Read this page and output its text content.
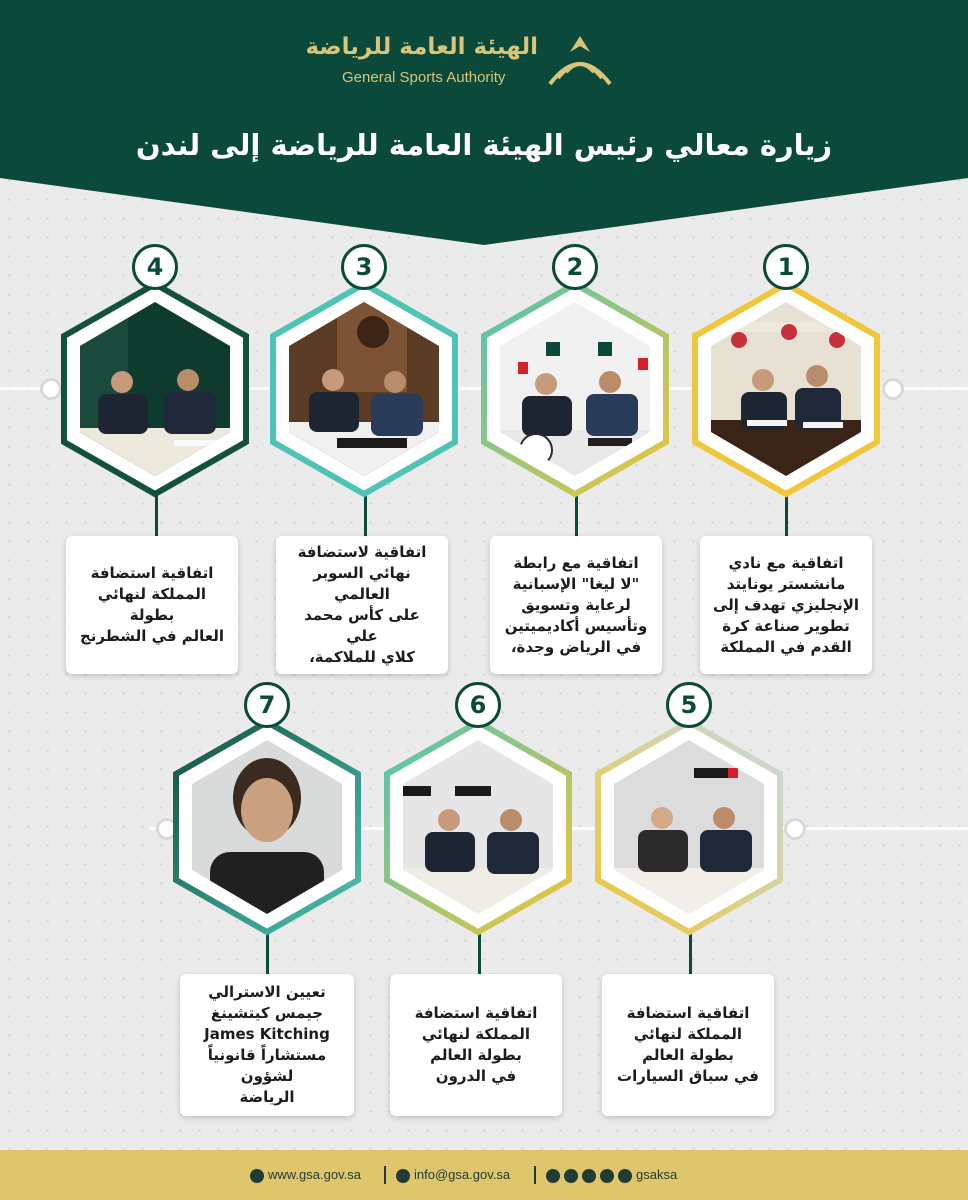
الهيئة العامة للرياضة
General Sports Authority
زيارة معالي رئيس الهيئة العامة للرياضة إلى لندن
1
اتفاقية مع نادي
مانشستر يونايتد
الإنجليزي تهدف إلى
تطوير صناعة كرة
القدم في المملكة
2
اتفاقية مع رابطة
"لا ليغا" الإسبانية
لرعاية وتسويق
وتأسيس أكاديميتين
في الرياض وجدة،
3
اتفاقية لاستضافة
نهائي السوبر العالمي
على كأس محمد علي
كلاي للملاكمة،
4
اتفاقية استضافة
المملكة لنهائي بطولة
العالم في الشطرنج
5
اتفاقية استضافة
المملكة لنهائي
بطولة العالم
في سباق السيارات
6
اتفاقية استضافة
المملكة لنهائي
بطولة العالم
في الدرون
7
تعيين الاسترالي
جيمس كيتشينغ
James Kitching
مستشاراً قانونياً لشؤون
الرياضة
www.gsa.gov.sa	info@gsa.gov.sa	gsaksa
